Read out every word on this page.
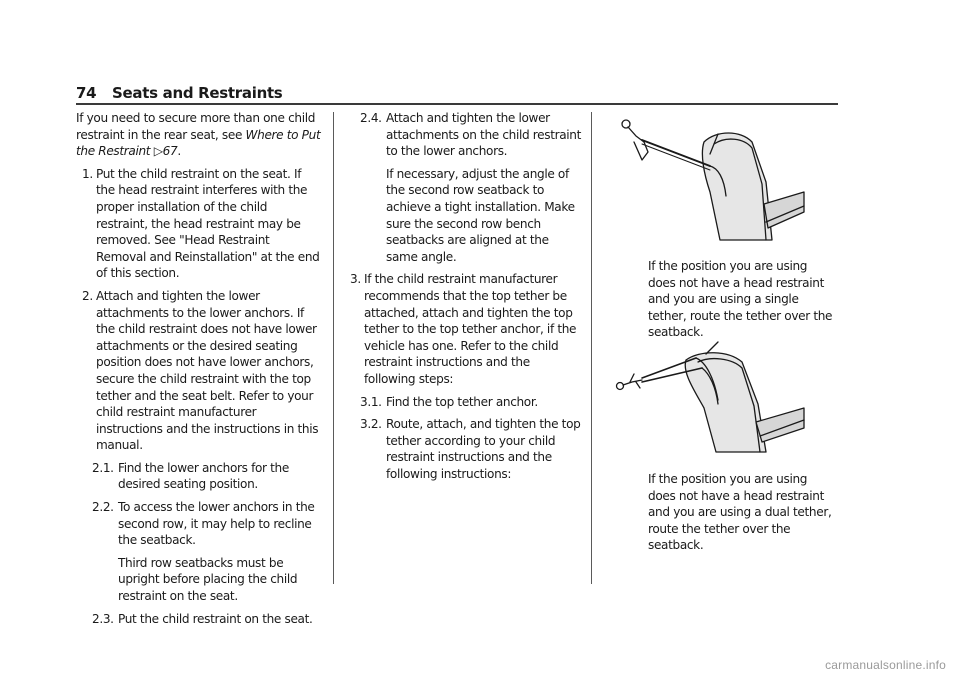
74 Seats and Restraints

If you need to secure more than one child restraint in the rear seat, see Where to Put the Restraint ▷67.

1. Put the child restraint on the seat. If the head restraint interferes with the proper installation of the child restraint, the head restraint may be removed. See "Head Restraint Removal and Reinstallation" at the end of this section.
2. Attach and tighten the lower attachments to the lower anchors. If the child restraint does not have lower attachments or the desired seating position does not have lower anchors, secure the child restraint with the top tether and the seat belt. Refer to your child restraint manufacturer instructions and the instructions in this manual.
2.1. Find the lower anchors for the desired seating position.
2.2. To access the lower anchors in the second row, it may help to recline the seatback.

Third row seatbacks must be upright before placing the child restraint on the seat.

2.3. Put the child restraint on the seat.
2.4. Attach and tighten the lower attachments on the child restraint to the lower anchors.

If necessary, adjust the angle of the second row seatback to achieve a tight installation. Make sure the second row bench seatbacks are aligned at the same angle.

3. If the child restraint manufacturer recommends that the top tether be attached, attach and tighten the top tether to the top tether anchor, if the vehicle has one. Refer to the child restraint instructions and the following steps:
3.1. Find the top tether anchor.
3.2. Route, attach, and tighten the top tether according to your child restraint instructions and the following instructions:
If the position you are using does not have a head restraint and you are using a single tether, route the tether over the seatback.
If the position you are using does not have a head restraint and you are using a dual tether, route the tether over the seatback.
carmanualsonline.info
